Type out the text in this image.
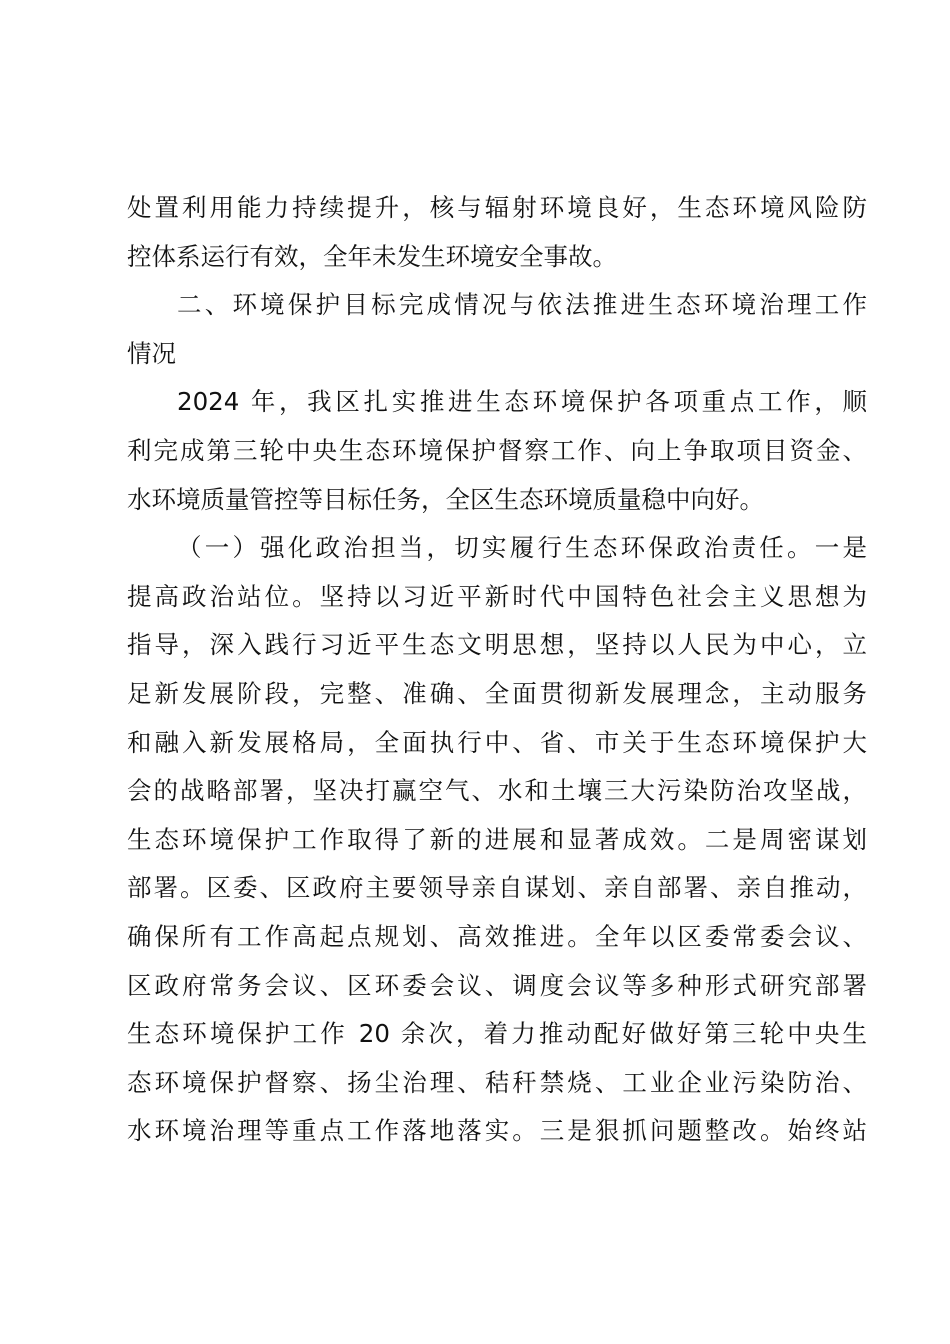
处置利用能力持续提升，核与辐射环境良好，生态环境风险防
控体系运行有效，全年未发生环境安全事故。
二、环境保护目标完成情况与依法推进生态环境治理工作
情况
2024 年，我区扎实推进生态环境保护各项重点工作，顺
利完成第三轮中央生态环境保护督察工作、向上争取项目资金、
水环境质量管控等目标任务，全区生态环境质量稳中向好。
（一）强化政治担当，切实履行生态环保政治责任。一是
提高政治站位。坚持以习近平新时代中国特色社会主义思想为
指导，深入践行习近平生态文明思想，坚持以人民为中心，立
足新发展阶段，完整、准确、全面贯彻新发展理念，主动服务
和融入新发展格局，全面执行中、省、市关于生态环境保护大
会的战略部署，坚决打赢空气、水和土壤三大污染防治攻坚战，
生态环境保护工作取得了新的进展和显著成效。二是周密谋划
部署。区委、区政府主要领导亲自谋划、亲自部署、亲自推动，
确保所有工作高起点规划、高效推进。全年以区委常委会议、
区政府常务会议、区环委会议、调度会议等多种形式研究部署
生态环境保护工作 20 余次，着力推动配好做好第三轮中央生
态环境保护督察、扬尘治理、秸秆禁烧、工业企业污染防治、
水环境治理等重点工作落地落实。三是狠抓问题整改。始终站
